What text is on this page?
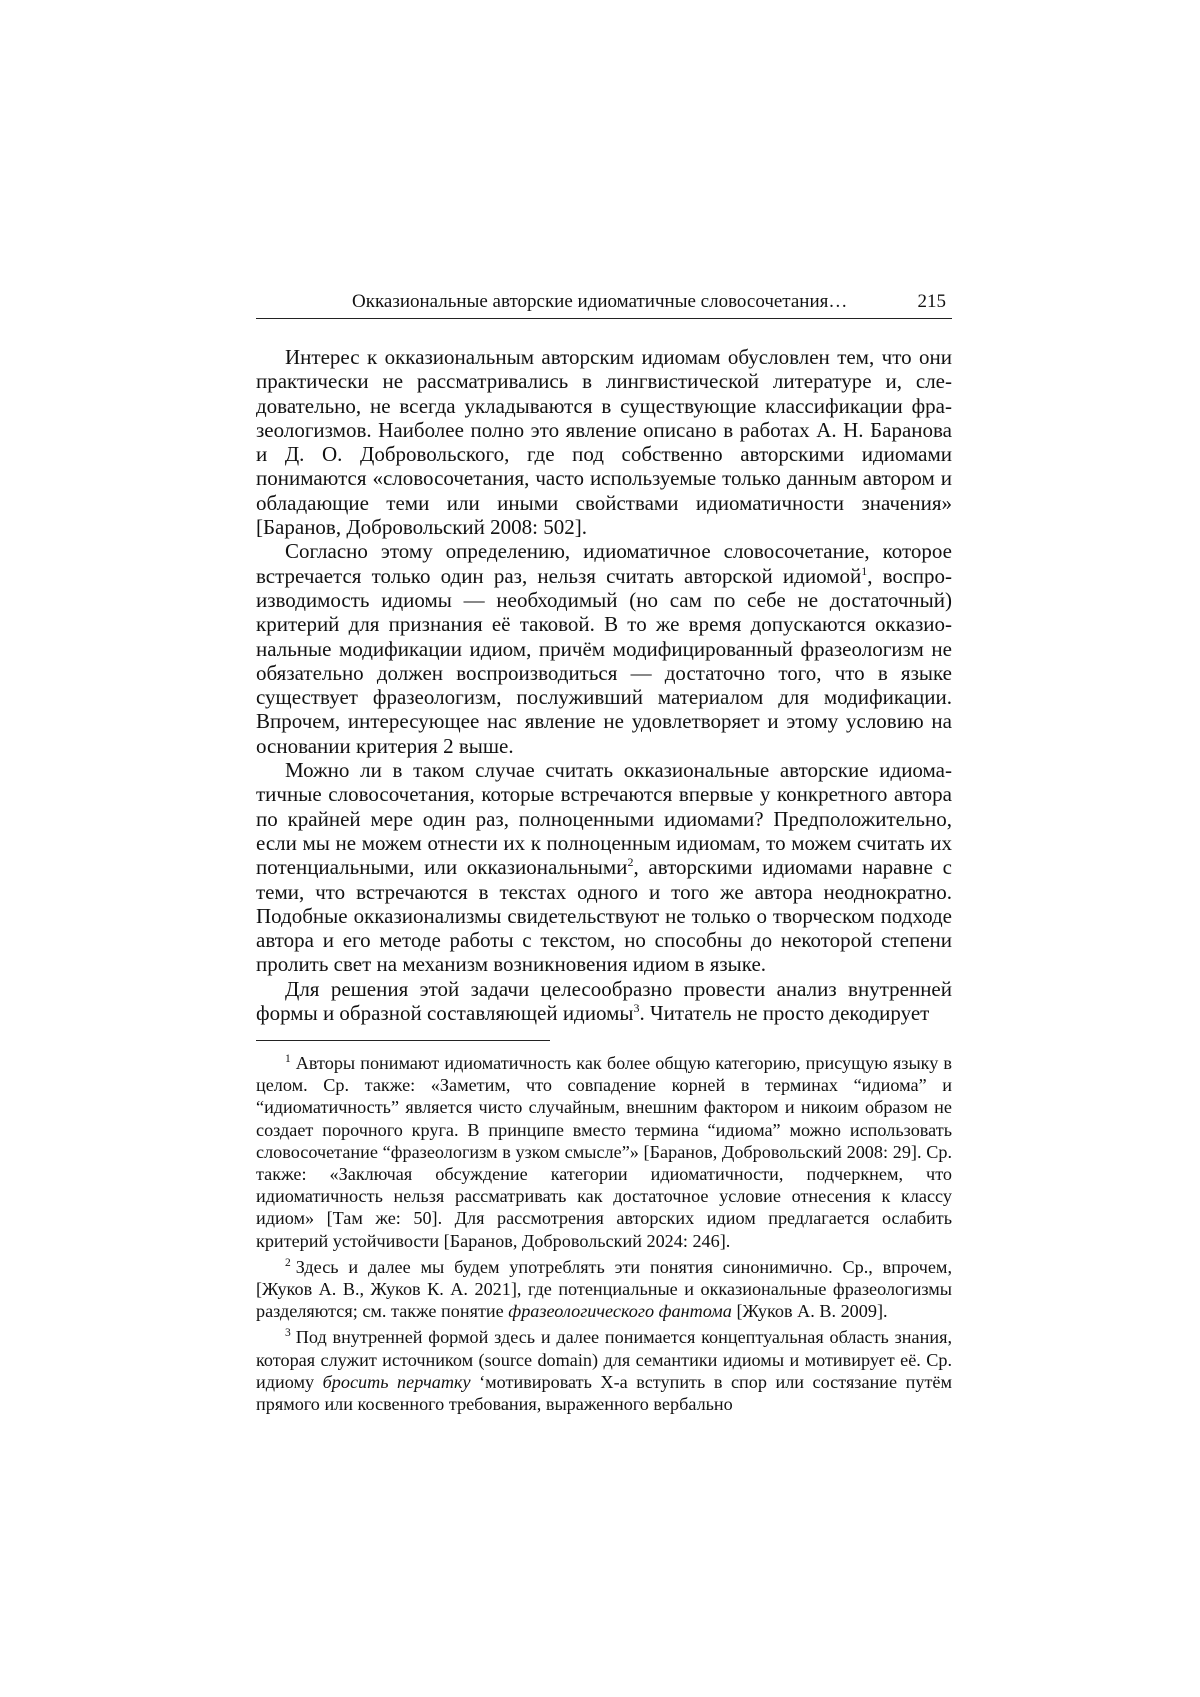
Окказиональные авторские идиоматичные словосочетания…	215

Интерес к окказиональным авторским идиомам обусловлен тем, что они практически не рассматривались в лингвистической литературе и, следовательно, не всегда укладываются в существующие классификации фразеологизмов. Наиболее полно это явление описано в работах А. Н. Баранова и Д. О. Добровольского, где под собственно авторскими идиомами понимаются «словосочетания, часто используемые только данным автором и обладающие теми или иными свойствами идиоматичности значения» [Баранов, Добровольский 2008: 502].

Согласно этому определению, идиоматичное словосочетание, которое встречается только один раз, нельзя считать авторской идиомой$^1$, воспроизводимость идиомы — необходимый (но сам по себе не достаточный) критерий для признания её таковой. В то же время допускаются окказиональные модификации идиом, причём модифицированный фразеологизм не обязательно должен воспроизводиться — достаточно того, что в языке существует фразеологизм, послуживший материалом для модификации. Впрочем, интересующее нас явление не удовлетворяет и этому условию на основании критерия 2 выше.

Можно ли в таком случае считать окказиональные авторские идиоматичные словосочетания, которые встречаются впервые у конкретного автора по крайней мере один раз, полноценными идиомами? Предположительно, если мы не можем отнести их к полноценным идиомам, то можем считать их потенциальными, или окказиональными$^2$, авторскими идиомами наравне с теми, что встречаются в текстах одного и того же автора неоднократно. Подобные окказионализмы свидетельствуют не только о творческом подходе автора и его методе работы с текстом, но способны до некоторой степени пролить свет на механизм возникновения идиом в языке.

Для решения этой задачи целесообразно провести анализ внутренней формы и образной составляющей идиомы$^3$. Читатель не просто декодирует

$^1$ Авторы понимают идиоматичность как более общую категорию, присущую языку в целом. Ср. также: «Заметим, что совпадение корней в терминах “идиома” и “идиоматичность” является чисто случайным, внешним фактором и никоим образом не создает порочного круга. В принципе вместо термина “идиома” можно использовать словосочетание “фразеологизм в узком смысле”» [Баранов, Добровольский 2008: 29]. Ср. также: «Заключая обсуждение категории идиоматичности, подчеркнем, что идиоматичность нельзя рассматривать как достаточное условие отнесения к классу идиом» [Там же: 50]. Для рассмотрения авторских идиом предлагается ослабить критерий устойчивости [Баранов, Добровольский 2024: 246].

$^2$ Здесь и далее мы будем употреблять эти понятия синонимично. Ср., впрочем, [Жуков А. В., Жуков К. А. 2021], где потенциальные и окказиональные фразеологизмы разделяются; см. также понятие фразеологического фантома [Жуков А. В. 2009].

$^3$ Под внутренней формой здесь и далее понимается концептуальная область знания, которая служит источником (source domain) для семантики идиомы и мотивирует её. Ср. идиому бросить перчатку ‘мотивировать X-а вступить в спор или состязание путём прямого или косвенного требования, выраженного вербально
